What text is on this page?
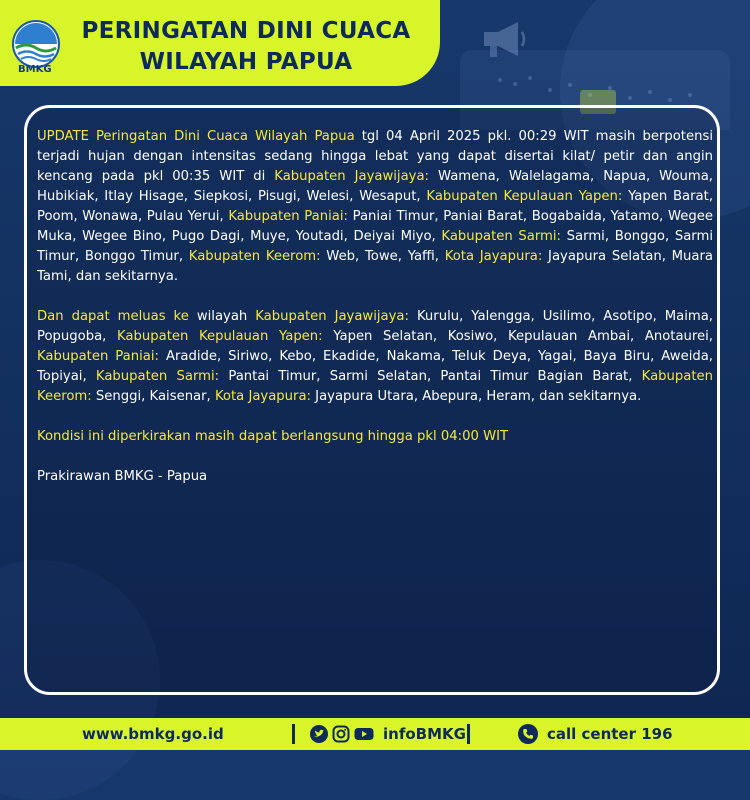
BMKG
PERINGATAN DINI CUACA
WILAYAH PAPUA

UPDATE Peringatan Dini Cuaca Wilayah Papua tgl 04 April 2025 pkl. 00:29 WIT masih berpotensi terjadi hujan dengan intensitas sedang hingga lebat yang dapat disertai kilat/ petir dan angin kencang pada pkl 00:35 WIT di Kabupaten Jayawijaya: Wamena, Walelagama, Napua, Wouma, Hubikiak, Itlay Hisage, Siepkosi, Pisugi, Welesi, Wesaput, Kabupaten Kepulauan Yapen: Yapen Barat, Poom, Wonawa, Pulau Yerui, Kabupaten Paniai: Paniai Timur, Paniai Barat, Bogabaida, Yatamo, Wegee Muka, Wegee Bino, Pugo Dagi, Muye, Youtadi, Deiyai Miyo, Kabupaten Sarmi: Sarmi, Bonggo, Sarmi Timur, Bonggo Timur, Kabupaten Keerom: Web, Towe, Yaffi, Kota Jayapura: Jayapura Selatan, Muara Tami, dan sekitarnya.

Dan dapat meluas ke wilayah Kabupaten Jayawijaya: Kurulu, Yalengga, Usilimo, Asotipo, Maima, Popugoba, Kabupaten Kepulauan Yapen: Yapen Selatan, Kosiwo, Kepulauan Ambai, Anotaurei, Kabupaten Paniai: Aradide, Siriwo, Kebo, Ekadide, Nakama, Teluk Deya, Yagai, Baya Biru, Aweida, Topiyai, Kabupaten Sarmi: Pantai Timur, Sarmi Selatan, Pantai Timur Bagian Barat, Kabupaten Keerom: Senggi, Kaisenar, Kota Jayapura: Jayapura Utara, Abepura, Heram, dan sekitarnya.

Kondisi ini diperkirakan masih dapat berlangsung hingga pkl 04:00 WIT

Prakirawan BMKG - Papua

www.bmkg.go.id	infoBMKG	call center 196
